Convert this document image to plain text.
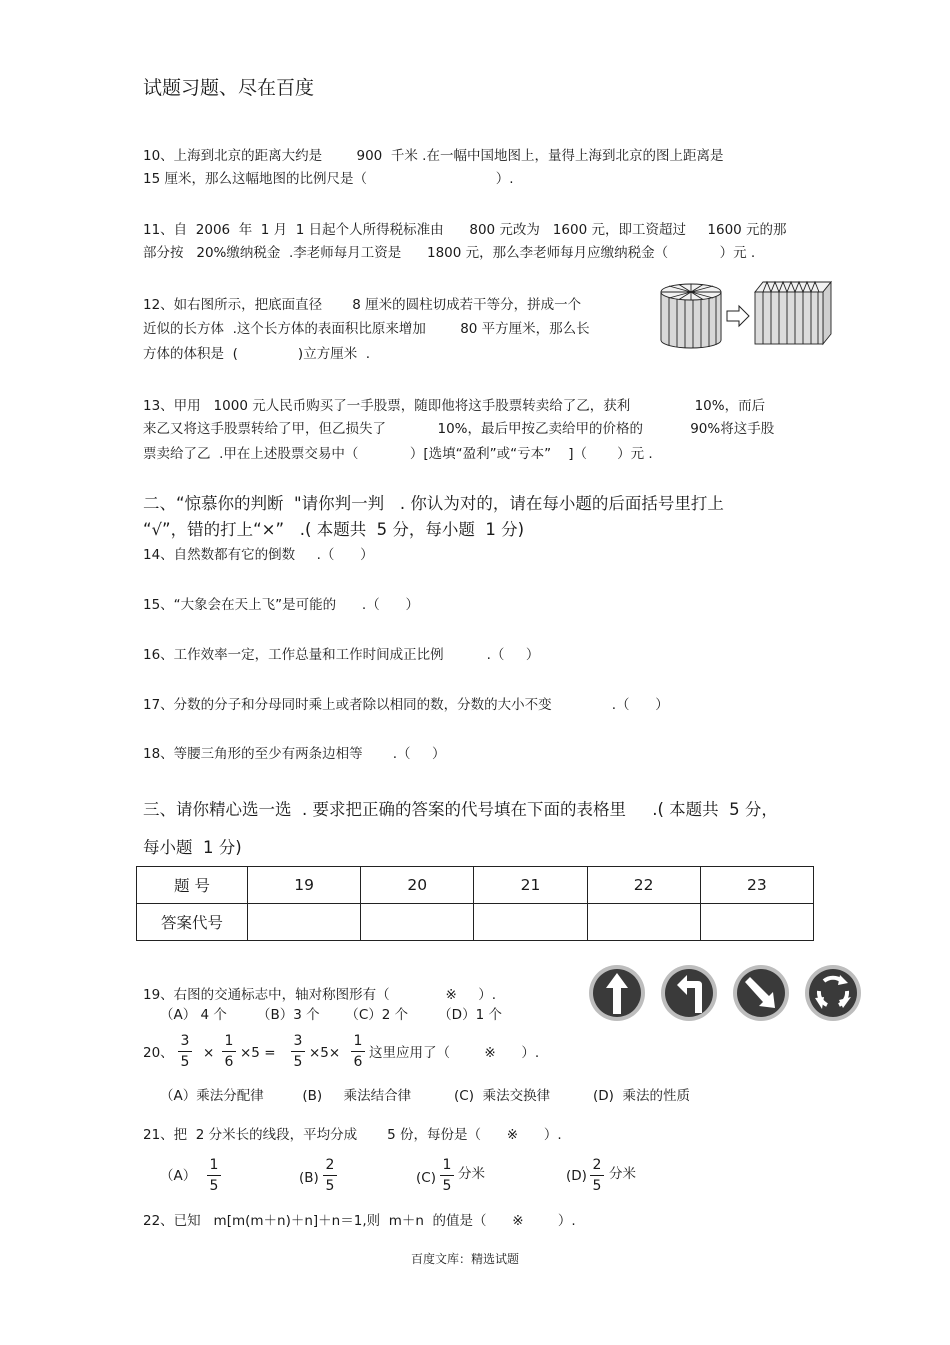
试题习题、尽在百度
10、上海到北京的距离大约是        900  千米 .在一幅中国地图上，量得上海到北京的图上距离是
15 厘米，那么这幅地图的比例尺是（                              ）.
11、自  2006  年  1 月  1 日起个人所得税标准由      800 元改为   1600 元，即工资超过     1600 元的那
部分按   20%缴纳税金  .李老师每月工资是      1800 元，那么李老师每月应缴纳税金（            ）元 .
12、如右图所示，把底面直径       8 厘米的圆柱切成若干等分，拼成一个
近似的长方体  .这个长方体的表面积比原来增加        80 平方厘米，那么长
方体的体积是  (              )立方厘米  .
13、甲用   1000 元人民币购买了一手股票，随即他将这手股票转卖给了乙，获利               10%，而后
来乙又将这手股票转给了甲，但乙损失了            10%，最后甲按乙卖给甲的价格的           90%将这手股
票卖给了乙  .甲在上述股票交易中（            ）[选填“盈利”或“亏本”    ]（       ）元 .
二、“惊慕你的判断  "请你判一判   . 你认为对的，请在每小题的后面括号里打上
“√”，错的打上“×”   .( 本题共  5 分，每小题  1 分)
14、自然数都有它的倒数     .（      ）
15、“大象会在天上飞”是可能的      .（      ）
16、工作效率一定，工作总量和工作时间成正比例          .（     ）
17、分数的分子和分母同时乘上或者除以相同的数，分数的大小不变              .（      ）
18、等腰三角形的至少有两条边相等       .（     ）
三、请你精心选一选  . 要求把正确的答案的代号填在下面的表格里     .( 本题共  5 分，
每小题  1 分)
题 号	19	20	21	22	23
答案代号					
19、右图的交通标志中，轴对称图形有（             ※     ）.
（A） 4 个       （B）3 个      （C）2 个       （D）1 个
20、
3
5
×
1
6
×5 =
3
5
×5×
1
6
这里应用了（        ※      ）.
（A）乘法分配律         (B)     乘法结合律          (C)  乘法交换律          (D)  乘法的性质
21、把  2 分米长的线段，平均分成       5 份，每份是（      ※      ）.
（A）
1
5	(B)
2
5	(C)
1
5
分米	(D)
2
5
分米
22、已知   m[m(m＋n)＋n]＋n＝1,则  m＋n  的值是（      ※        ）.
百度文库：精选试题
